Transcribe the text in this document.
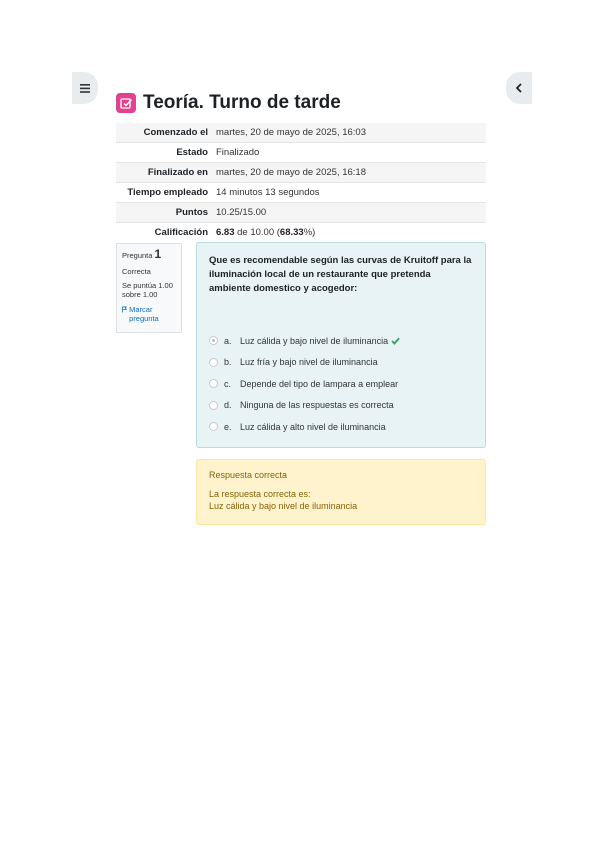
Teoría. Turno de tarde
Comenzado el	martes, 20 de mayo de 2025, 16:03
Estado	Finalizado
Finalizado en	martes, 20 de mayo de 2025, 16:18
Tiempo empleado	14 minutos 13 segundos
Puntos	10.25/15.00
Calificación	6.83 de 10.00 (68.33%)
Pregunta 1
Correcta
Se puntúa 1.00 sobre 1.00
Marcar pregunta

Que es recomendable según las curvas de Kruitoff para la iluminación local de un restaurante que pretenda ambiente domestico y acogedor:

a. Luz cálida y bajo nivel de iluminancia
b. Luz fría y bajo nivel de iluminancia
c. Depende del tipo de lampara a emplear
d. Ninguna de las respuestas es correcta
e. Luz cálida y alto nivel de iluminancia
Respuesta correcta
La respuesta correcta es:
Luz cálida y bajo nivel de iluminancia
